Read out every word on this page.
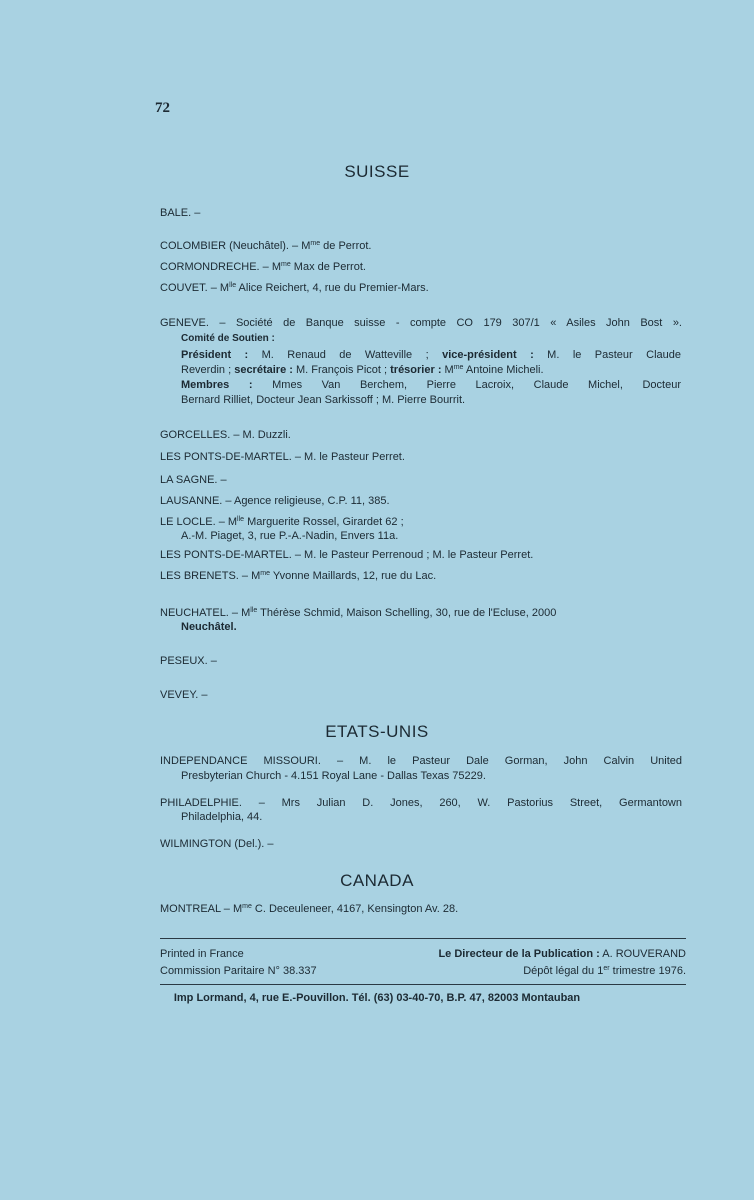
72
SUISSE
BALE. –
COLOMBIER (Neuchâtel). – $M^{me}$ de Perrot.
CORMONDRECHE. – $M^{me}$ Max de Perrot.
COUVET. – $M^{lle}$ Alice Reichert, 4, rue du Premier-Mars.
GENEVE. – Société de Banque suisse - compte CO 179 307/1 « Asiles John Bost ».
Comité de Soutien :
Président : M. Renaud de Watteville ; vice-président : M. le Pasteur Claude
Reverdin ; secrétaire : M. François Picot ; trésorier : $M^{me}$ Antoine Micheli.
Membres : Mmes Van Berchem, Pierre Lacroix, Claude Michel, Docteur
Bernard Rilliet, Docteur Jean Sarkissoff ; M. Pierre Bourrit.
GORCELLES. – M. Duzzli.
LES PONTS-DE-MARTEL. – M. le Pasteur Perret.
LA SAGNE. –
LAUSANNE. – Agence religieuse, C.P. 11, 385.
LE LOCLE. – $M^{lle}$ Marguerite Rossel, Girardet 62 ;
A.-M. Piaget, 3, rue P.-A.-Nadin, Envers 11a.
LES PONTS-DE-MARTEL. – M. le Pasteur Perrenoud ; M. le Pasteur Perret.
LES BRENETS. – $M^{me}$ Yvonne Maillards, 12, rue du Lac.
NEUCHATEL. – $M^{lle}$ Thérèse Schmid, Maison Schelling, 30, rue de l'Ecluse, 2000
Neuchâtel.
PESEUX. –
VEVEY. –
ETATS-UNIS
INDEPENDANCE MISSOURI. – M. le Pasteur Dale Gorman, John Calvin United
Presbyterian Church - 4.151 Royal Lane - Dallas Texas 75229.
PHILADELPHIE. – Mrs Julian D. Jones, 260, W. Pastorius Street, Germantown
Philadelphia, 44.
WILMINGTON (Del.). –
CANADA
MONTREAL – $M^{me}$ C. Deceuleneer, 4167, Kensington Av. 28.
Printed in France	Le Directeur de la Publication : A. ROUVERAND
Commission Paritaire N° 38.337	Dépôt légal du 1er trimestre 1976.
Imp Lormand, 4, rue E.-Pouvillon. Tél. (63) 03-40-70, B.P. 47, 82003 Montauban
